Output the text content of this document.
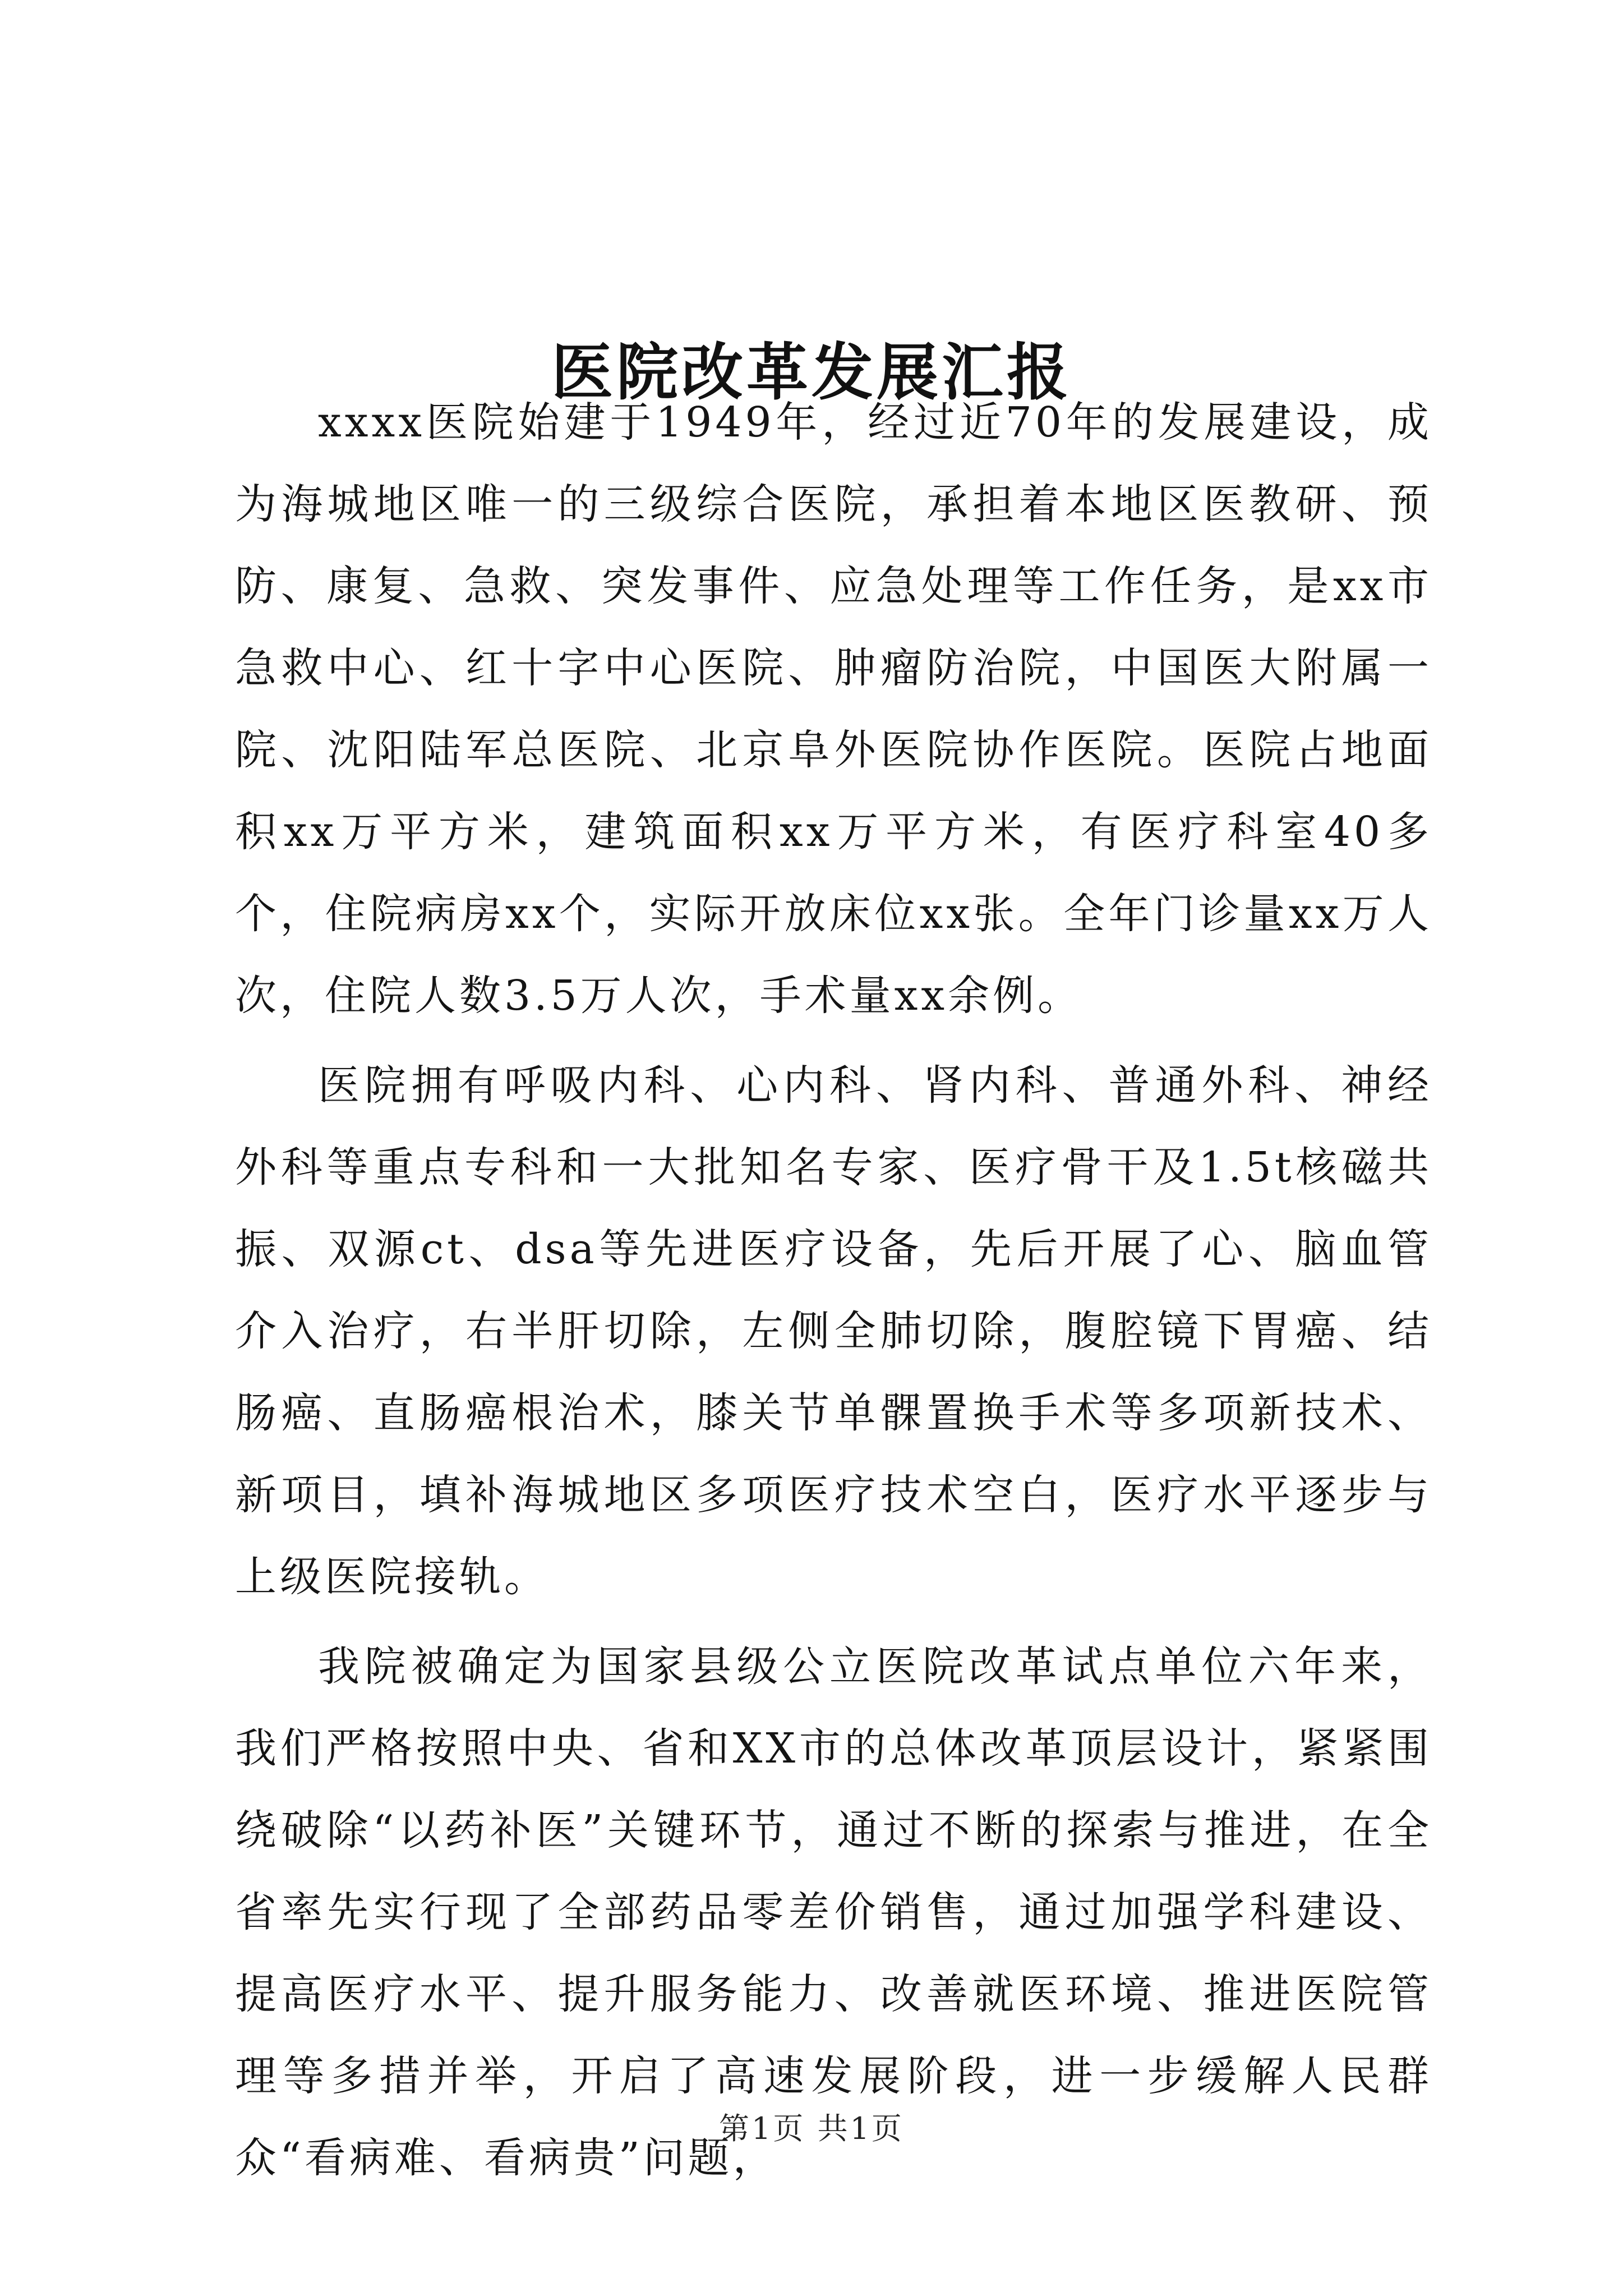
医院改革发展汇报

xxxx医院始建于1949年，经过近70年的发展建设，成为海城地区唯一的三级综合医院，承担着本地区医教研、预防、康复、急救、突发事件、应急处理等工作任务，是xx市急救中心、红十字中心医院、肿瘤防治院，中国医大附属一院、沈阳陆军总医院、北京阜外医院协作医院。医院占地面积xx万平方米，建筑面积xx万平方米，有医疗科室40多个，住院病房xx个，实际开放床位xx张。全年门诊量xx万人次，住院人数3.5万人次，手术量xx余例。

医院拥有呼吸内科、心内科、肾内科、普通外科、神经外科等重点专科和一大批知名专家、医疗骨干及1.5t核磁共振、双源ct、dsa等先进医疗设备，先后开展了心、脑血管介入治疗，右半肝切除，左侧全肺切除，腹腔镜下胃癌、结肠癌、直肠癌根治术，膝关节单髁置换手术等多项新技术、新项目，填补海城地区多项医疗技术空白，医疗水平逐步与上级医院接轨。

我院被确定为国家县级公立医院改革试点单位六年来，我们严格按照中央、省和XX市的总体改革顶层设计，紧紧围绕破除“以药补医”关键环节，通过不断的探索与推进，在全省率先实行现了全部药品零差价销售，通过加强学科建设、提高医疗水平、提升服务能力、改善就医环境、推进医院管理等多措并举，开启了高速发展阶段，进一步缓解人民群众“看病难、看病贵”问题，

第1页 共1页
